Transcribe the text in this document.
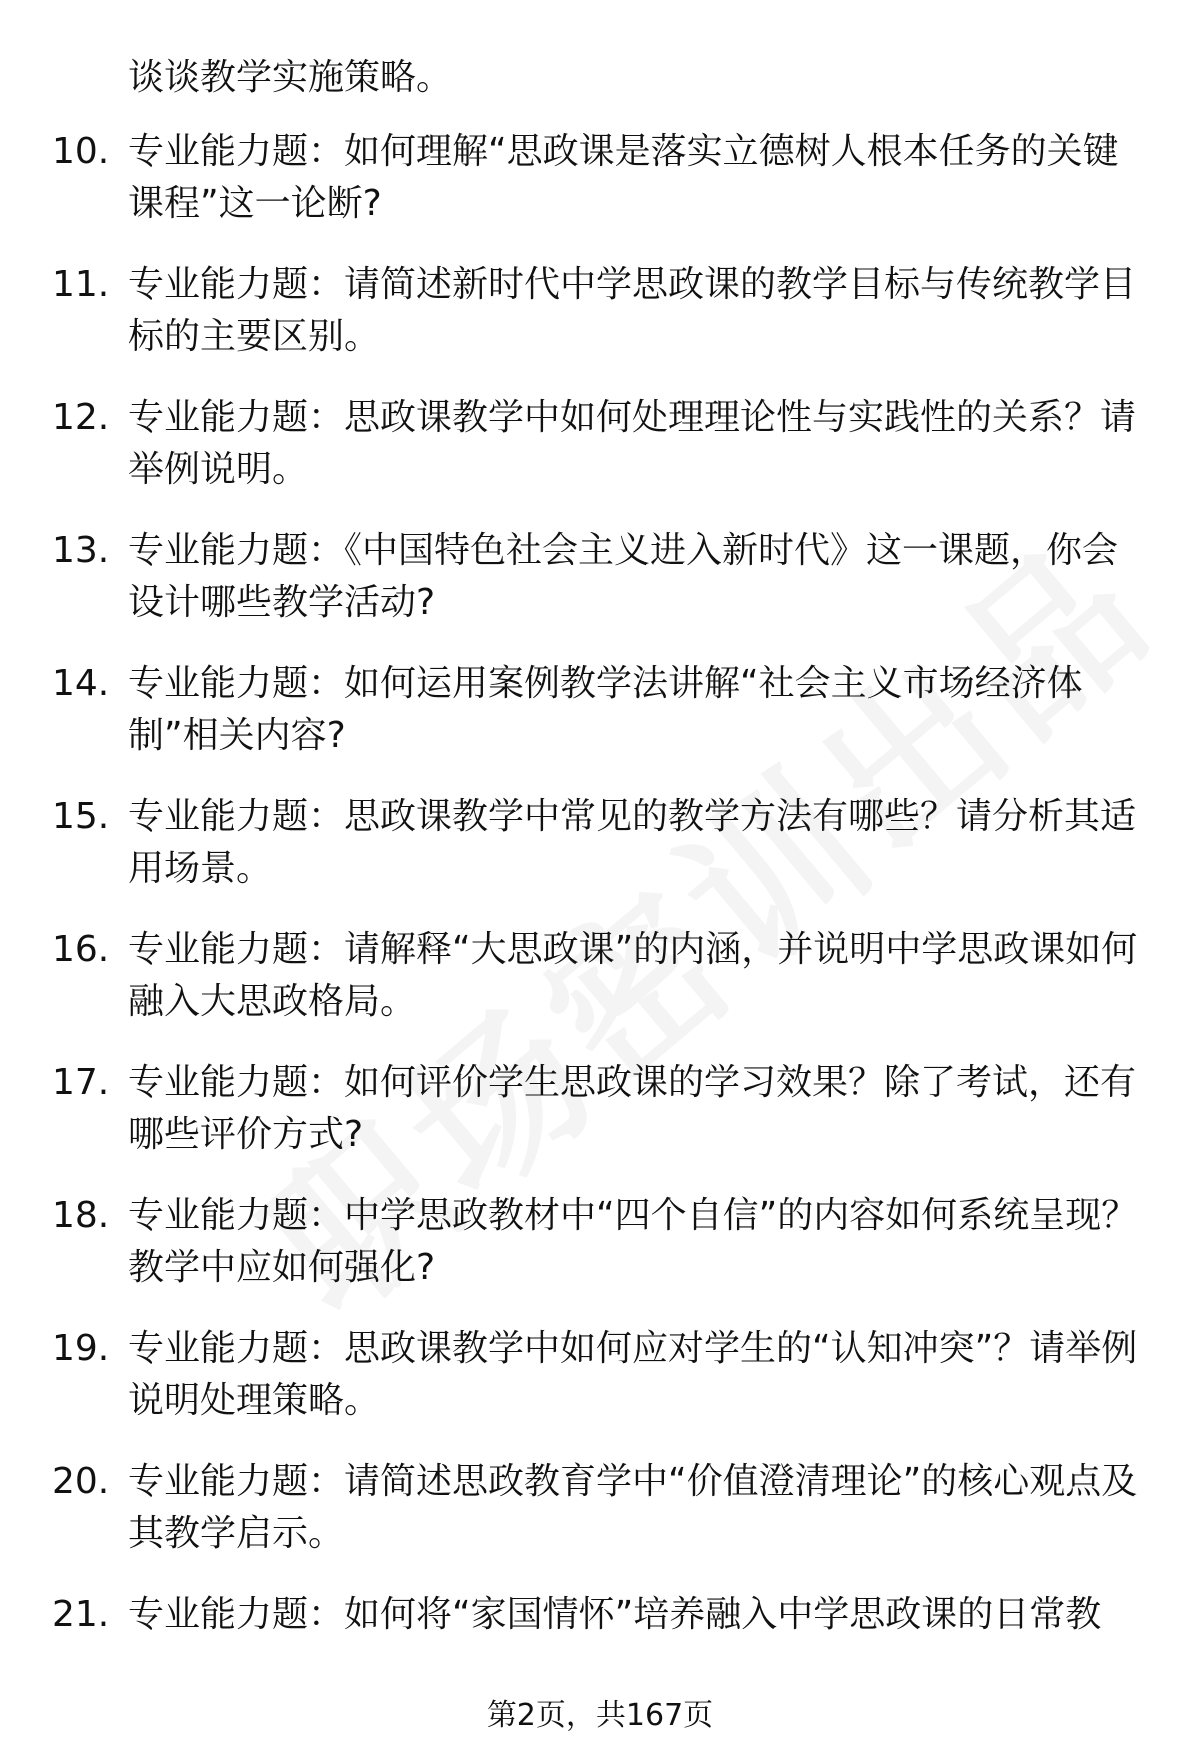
谈谈教学实施策略。

10. 专业能力题：如何理解“思政课是落实立德树人根本任务的关键课程”这一论断?

11. 专业能力题：请简述新时代中学思政课的教学目标与传统教学目标的主要区别。

12. 专业能力题：思政课教学中如何处理理论性与实践性的关系？请举例说明。

13. 专业能力题：《中国特色社会主义进入新时代》这一课题，你会设计哪些教学活动?

14. 专业能力题：如何运用案例教学法讲解“社会主义市场经济体制”相关内容?

15. 专业能力题：思政课教学中常见的教学方法有哪些？请分析其适用场景。

16. 专业能力题：请解释“大思政课”的内涵，并说明中学思政课如何融入大思政格局。

17. 专业能力题：如何评价学生思政课的学习效果？除了考试，还有哪些评价方式?

18. 专业能力题：中学思政教材中“四个自信”的内容如何系统呈现？教学中应如何强化?

19. 专业能力题：思政课教学中如何应对学生的“认知冲突”？请举例说明处理策略。

20. 专业能力题：请简述思政教育学中“价值澄清理论”的核心观点及其教学启示。

21. 专业能力题：如何将“家国情怀”培养融入中学思政课的日常教

第2页，共167页
